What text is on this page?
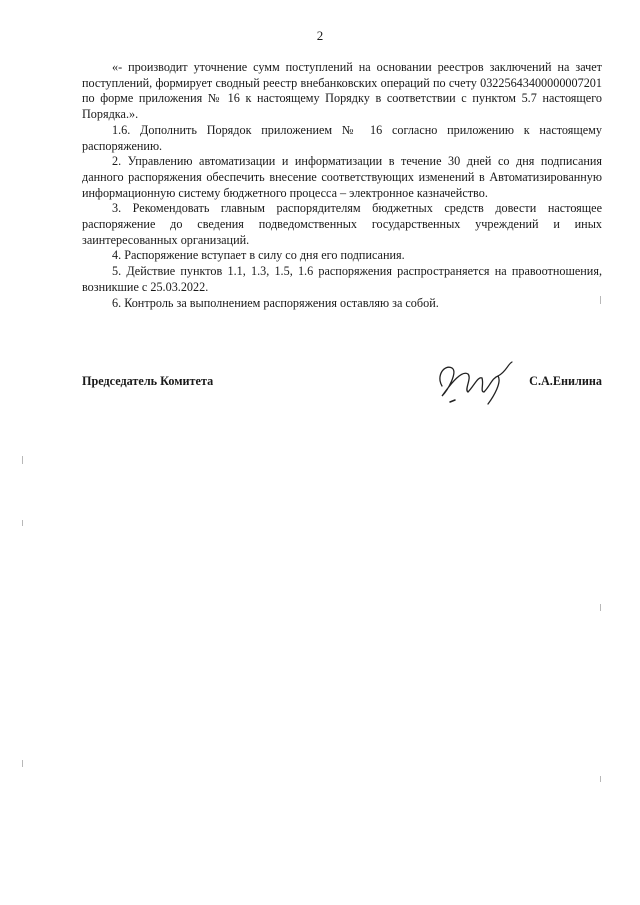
2

«- производит уточнение сумм поступлений на основании реестров заключений на зачет поступлений, формирует сводный реестр внебанковских операций по счету 03225643400000007201 по форме приложения № 16 к настоящему Порядку в соответствии с пунктом 5.7 настоящего Порядка.».

1.6. Дополнить Порядок приложением № 16 согласно приложению к настоящему распоряжению.

2. Управлению автоматизации и информатизации в течение 30 дней со дня подписания данного распоряжения обеспечить внесение соответствующих изменений в Автоматизированную информационную систему бюджетного процесса – электронное казначейство.

3. Рекомендовать главным распорядителям бюджетных средств довести настоящее распоряжение до сведения подведомственных государственных учреждений и иных заинтересованных организаций.

4. Распоряжение вступает в силу со дня его подписания.

5. Действие пунктов 1.1, 1.3, 1.5, 1.6 распоряжения распространяется на правоотношения, возникшие с 25.03.2022.

6. Контроль за выполнением распоряжения оставляю за собой.

Председатель Комитета	С.А.Енилина
